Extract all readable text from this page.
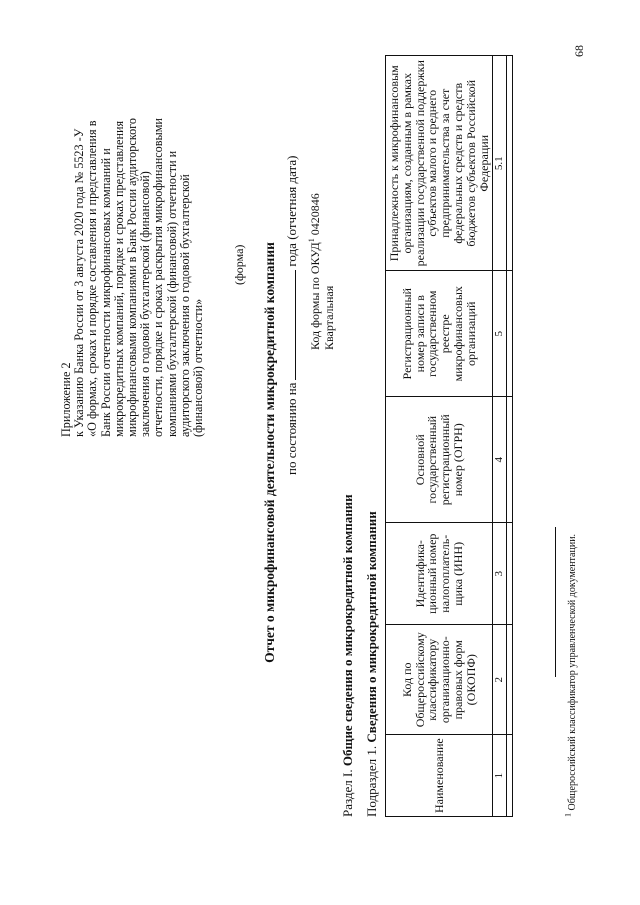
Приложение 2 к Указанию Банка России от 3 августа 2020 года № 5523 -У «О формах, сроках и порядке составления и представления в Банк России отчетности микрофинансовых компаний и микрокредитных компаний, порядке и сроках представления микрофинансовыми компаниями в Банк России аудиторского заключения о годовой бухгалтерской (финансовой) отчетности, порядке и сроках раскрытия микрофинансовыми компаниями бухгалтерской (финансовой) отчетности и аудиторского заключения о годовой бухгалтерской (финансовой) отчетности»
(форма) Отчет о микрофинансовой деятельности микрокредитной компании по состоянию нагода (отчетная дата)
Код формы по ОКУД$^1$ 0420846
Квартальная
Раздел I. Общие сведения о микрокредитной компании
Подраздел 1. Сведения о микрокредитной компании
Наименование	Код по Общероссийскому классификатору организационно-правовых форм (ОКОПФ)	Идентифика-ционный номер налогоплатель-щика (ИНН)	Основной государственный регистрационный номер (ОГРН)	Регистрационный номер записи в государственном реестре микрофинансовых организаций	Принадлежность к микрофинансовым организациям, созданным в рамках реализации государственной поддержки субъектов малого и среднего предпринимательства за счет федеральных средств и средств бюджетов субъектов Российской Федерации
1	2	3	4	5	5.1

$^1$ Общероссийский классификатор управленческой документации.
68
